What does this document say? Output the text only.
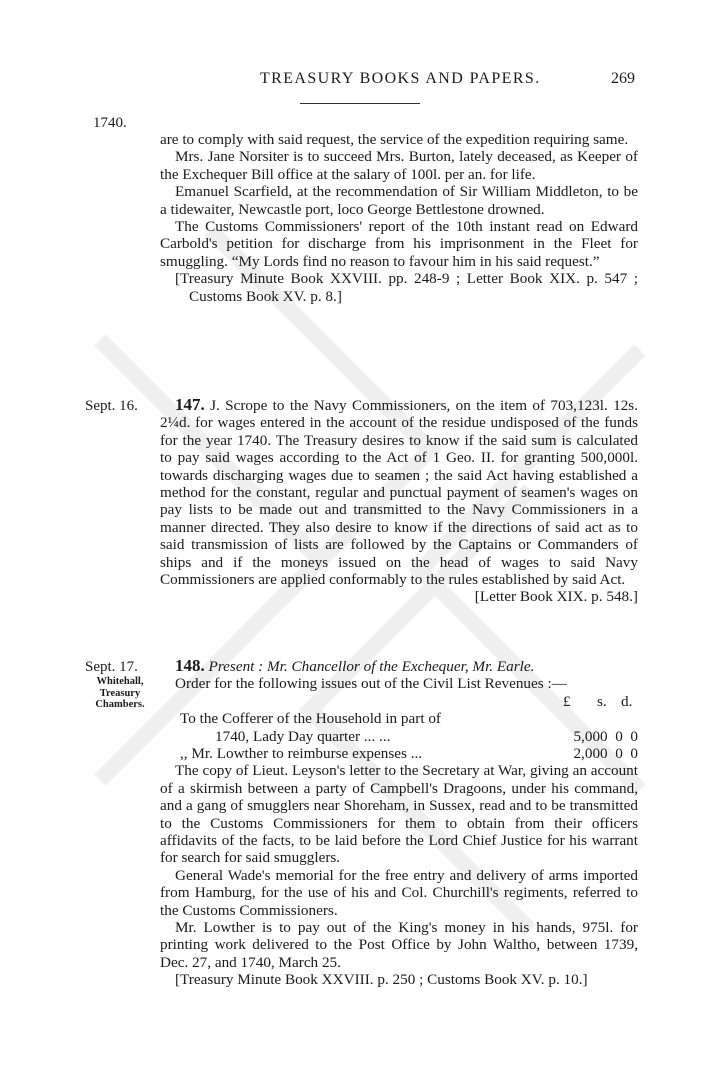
TREASURY BOOKS AND PAPERS.	269
1740.

are to comply with said request, the service of the expedition requiring same.

Mrs. Jane Norsiter is to succeed Mrs. Burton, lately deceased, as Keeper of the Exchequer Bill office at the salary of 100l. per an. for life.

Emanuel Scarfield, at the recommendation of Sir William Middleton, to be a tidewaiter, Newcastle port, loco George Bettlestone drowned.

The Customs Commissioners' report of the 10th instant read on Edward Carbold's petition for discharge from his imprisonment in the Fleet for smuggling. “My Lords find no reason to favour him in his said request.”

[Treasury Minute Book XXVIII. pp. 248-9 ; Letter Book XIX. p. 547 ; Customs Book XV. p. 8.]

Sept. 16.	147. J. Scrope to the Navy Commissioners, on the item of 703,123l. 12s. 2¼d. for wages entered in the account of the residue undisposed of the funds for the year 1740. The Treasury desires to know if the said sum is calculated to pay said wages according to the Act of 1 Geo. II. for granting 500,000l. towards discharging wages due to seamen ; the said Act having established a method for the constant, regular and punctual payment of seamen's wages on pay lists to be made out and transmitted to the Navy Commissioners in a manner directed. They also desire to know if the directions of said act as to said transmission of lists are followed by the Captains or Commanders of ships and if the moneys issued on the head of wages to said Navy Commissioners are applied conformably to the rules established by said Act.

[Letter Book XIX. p. 548.]

Sept. 17.
Whitehall, Treasury Chambers.

148. Present : Mr. Chancellor of the Exchequer, Mr. Earle.

Order for the following issues out of the Civil List Revenues :—

£ s. d.
To the Cofferer of the Household in part of
1740, Lady Day quarter ... ...	5,000  0  0
,, Mr. Lowther to reimburse expenses ...	2,000  0  0

The copy of Lieut. Leyson's letter to the Secretary at War, giving an account of a skirmish between a party of Campbell's Dragoons, under his command, and a gang of smugglers near Shoreham, in Sussex, read and to be transmitted to the Customs Commissioners for them to obtain from their officers affidavits of the facts, to be laid before the Lord Chief Justice for his warrant for search for said smugglers.

General Wade's memorial for the free entry and delivery of arms imported from Hamburg, for the use of his and Col. Churchill's regiments, referred to the Customs Commissioners.

Mr. Lowther is to pay out of the King's money in his hands, 975l. for printing work delivered to the Post Office by John Waltho, between 1739, Dec. 27, and 1740, March 25.

[Treasury Minute Book XXVIII. p. 250 ; Customs Book XV. p. 10.]
